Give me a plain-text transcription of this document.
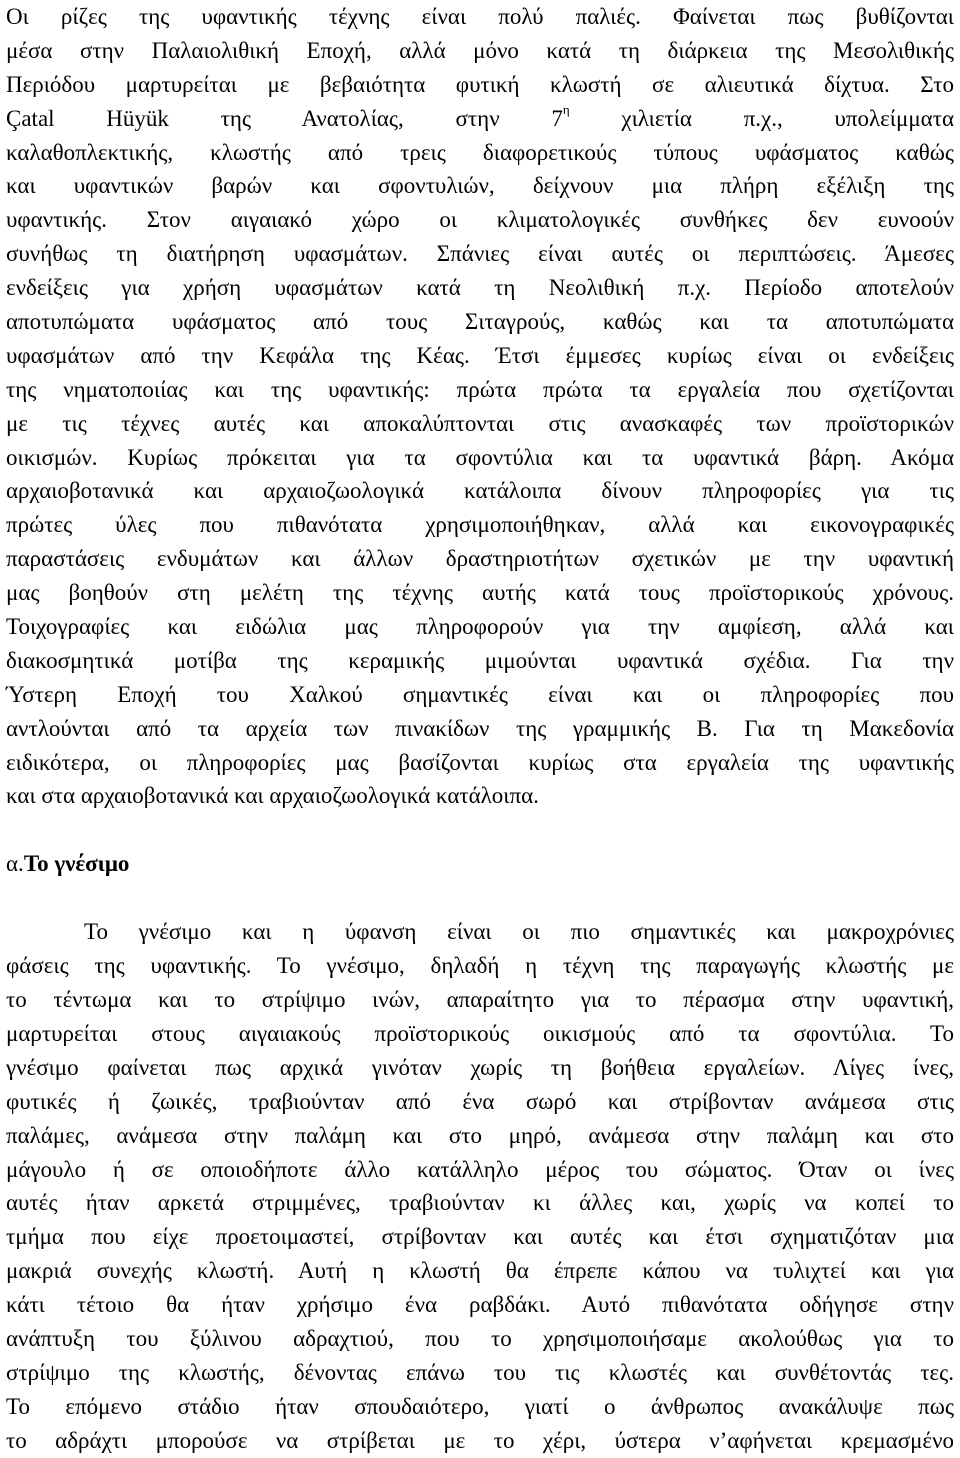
Οι ρίζες της υφαντικής τέχνης είναι πολύ παλιές. Φαίνεται πως βυθίζονται
μέσα στην Παλαιολιθική Εποχή, αλλά μόνο κατά τη διάρκεια της Μεσολιθικής
Περιόδου μαρτυρείται με βεβαιότητα φυτική κλωστή σε αλιευτικά δίχτυα. Στο
Çatal Hüyük της Ανατολίας, στην $7^\eta$ χιλιετία π.χ., υπολείμματα
καλαθοπλεκτικής, κλωστής από τρεις διαφορετικούς τύπους υφάσματος καθώς
και υφαντικών βαρών και σφοντυλιών, δείχνουν μια πλήρη εξέλιξη της
υφαντικής. Στον αιγαιακό χώρο οι κλιματολογικές συνθήκες δεν ευνοούν
συνήθως τη διατήρηση υφασμάτων. Σπάνιες είναι αυτές οι περιπτώσεις. Άμεσες
ενδείξεις για χρήση υφασμάτων κατά τη Νεολιθική π.χ. Περίοδο αποτελούν
αποτυπώματα υφάσματος από τους Σιταγρούς, καθώς και τα αποτυπώματα
υφασμάτων από την Κεφάλα της Κέας. Έτσι έμμεσες κυρίως είναι οι ενδείξεις
της νηματοποιίας και της υφαντικής: πρώτα πρώτα τα εργαλεία που σχετίζονται
με τις τέχνες αυτές και αποκαλύπτονται στις ανασκαφές των προϊστορικών
οικισμών. Κυρίως πρόκειται για τα σφοντύλια και τα υφαντικά βάρη. Ακόμα
αρχαιοβοτανικά και αρχαιοζωολογικά κατάλοιπα δίνουν πληροφορίες για τις
πρώτες ύλες που πιθανότατα χρησιμοποιήθηκαν, αλλά και εικονογραφικές
παραστάσεις ενδυμάτων και άλλων δραστηριοτήτων σχετικών με την υφαντική
μας βοηθούν στη μελέτη της τέχνης αυτής κατά τους προϊστορικούς χρόνους.
Τοιχογραφίες και ειδώλια μας πληροφορούν για την αμφίεση, αλλά και
διακοσμητικά μοτίβα της κεραμικής μιμούνται υφαντικά σχέδια. Για την
Ύστερη Εποχή του Χαλκού σημαντικές είναι και οι πληροφορίες που
αντλούνται από τα αρχεία των πινακίδων της γραμμικής Β. Για τη Μακεδονία
ειδικότερα, οι πληροφορίες μας βασίζονται κυρίως στα εργαλεία της υφαντικής
και στα αρχαιοβοτανικά και αρχαιοζωολογικά κατάλοιπα.
α.Το γνέσιμο
Το γνέσιμο και η ύφανση είναι οι πιο σημαντικές και μακροχρόνιες
φάσεις της υφαντικής. Το γνέσιμο, δηλαδή η τέχνη της παραγωγής κλωστής με
το τέντωμα και το στρίψιμο ινών, απαραίτητο για το πέρασμα στην υφαντική,
μαρτυρείται στους αιγαιακούς προϊστορικούς οικισμούς από τα σφοντύλια. Το
γνέσιμο φαίνεται πως αρχικά γινόταν χωρίς τη βοήθεια εργαλείων. Λίγες ίνες,
φυτικές ή ζωικές, τραβιούνταν από ένα σωρό και στρίβονταν ανάμεσα στις
παλάμες, ανάμεσα στην παλάμη και στο μηρό, ανάμεσα στην παλάμη και στο
μάγουλο ή σε οποιοδήποτε άλλο κατάλληλο μέρος του σώματος. Όταν οι ίνες
αυτές ήταν αρκετά στριμμένες, τραβιούνταν κι άλλες και, χωρίς να κοπεί το
τμήμα που είχε προετοιμαστεί, στρίβονταν και αυτές και έτσι σχηματιζόταν μια
μακριά συνεχής κλωστή. Αυτή η κλωστή θα έπρεπε κάπου να τυλιχτεί και για
κάτι τέτοιο θα ήταν χρήσιμο ένα ραβδάκι. Αυτό πιθανότατα οδήγησε στην
ανάπτυξη του ξύλινου αδραχτιού, που το χρησιμοποιήσαμε ακολούθως για το
στρίψιμο της κλωστής, δένοντας επάνω του τις κλωστές και συνθέτοντάς τες.
Το επόμενο στάδιο ήταν σπουδαιότερο, γιατί ο άνθρωπος ανακάλυψε πως
το αδράχτι μπορούσε να στρίβεται με το χέρι, ύστερα ν’αφήνεται κρεμασμένο
